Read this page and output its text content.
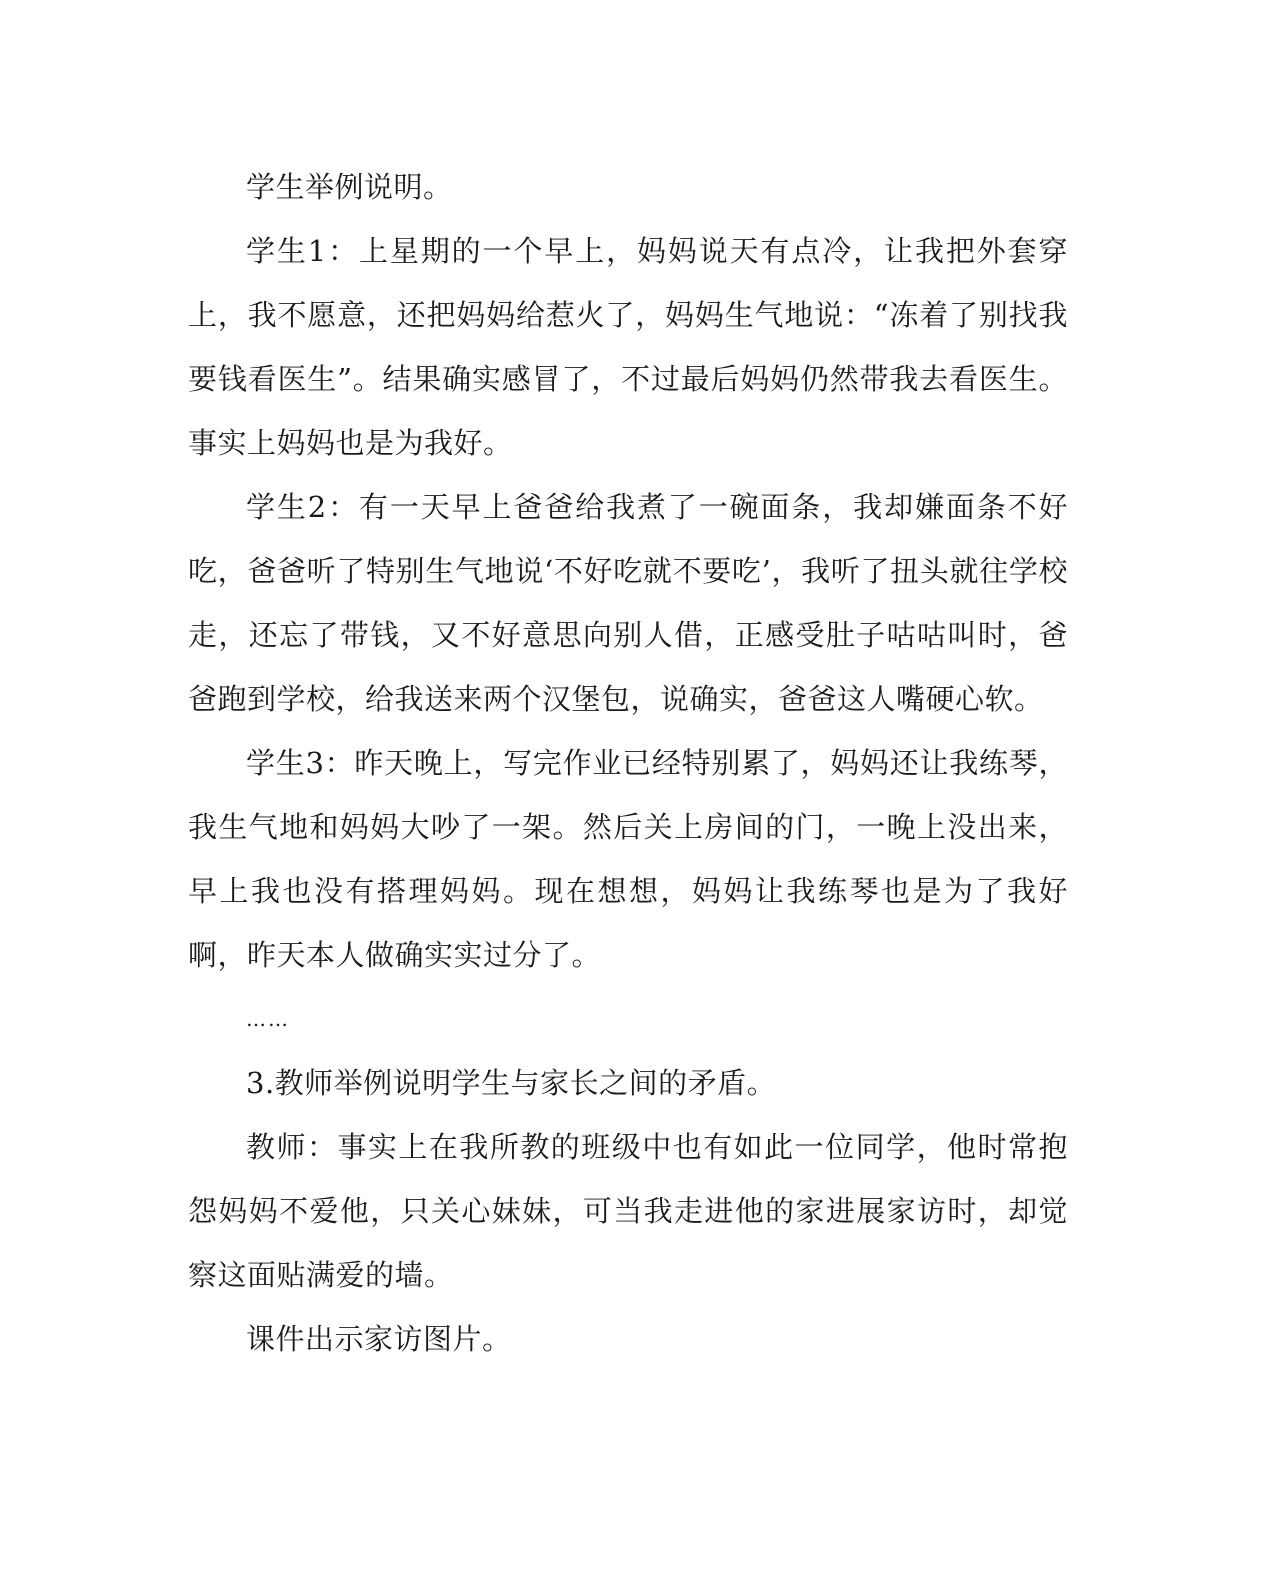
学生举例说明。

学生1：上星期的一个早上，妈妈说天有点冷，让我把外套穿上，我不愿意，还把妈妈给惹火了，妈妈生气地说：“冻着了别找我要钱看医生”。结果确实感冒了，不过最后妈妈仍然带我去看医生。事实上妈妈也是为我好。

学生2：有一天早上爸爸给我煮了一碗面条，我却嫌面条不好吃，爸爸听了特别生气地说‘不好吃就不要吃’，我听了扭头就往学校走，还忘了带钱，又不好意思向别人借，正感受肚子咕咕叫时，爸爸跑到学校，给我送来两个汉堡包，说确实，爸爸这人嘴硬心软。

学生3：昨天晚上，写完作业已经特别累了，妈妈还让我练琴，我生气地和妈妈大吵了一架。然后关上房间的门，一晚上没出来，早上我也没有搭理妈妈。现在想想，妈妈让我练琴也是为了我好啊，昨天本人做确实实过分了。

……

3.教师举例说明学生与家长之间的矛盾。

教师：事实上在我所教的班级中也有如此一位同学，他时常抱怨妈妈不爱他，只关心妹妹，可当我走进他的家进展家访时，却觉察这面贴满爱的墙。

课件出示家访图片。
